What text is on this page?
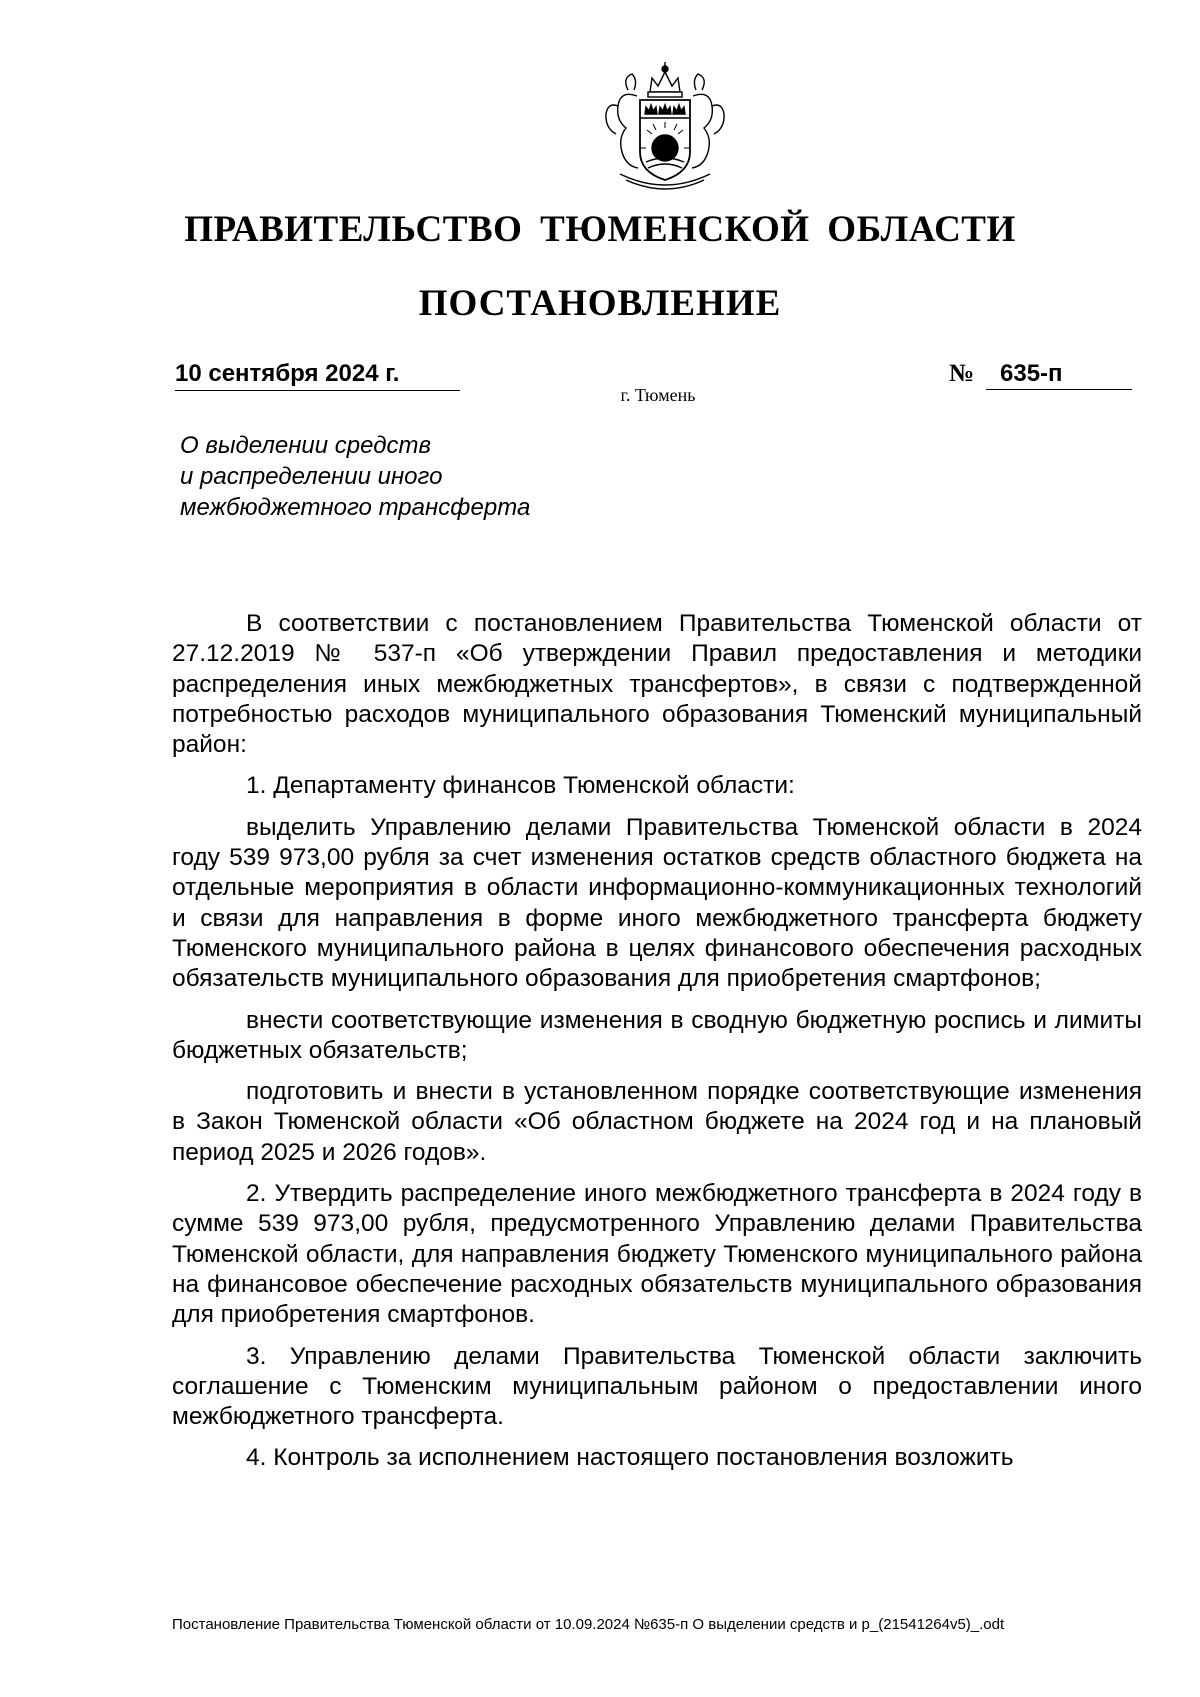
ПРАВИТЕЛЬСТВО ТЮМЕНСКОЙ ОБЛАСТИ
ПОСТАНОВЛЕНИЕ
10 сентября 2024 г.	№	635-п
г. Тюмень
О выделении средств
и распределении иного
межбюджетного трансферта

В соответствии с постановлением Правительства Тюменской области от 27.12.2019 № 537-п «Об утверждении Правил предоставления и методики распределения иных межбюджетных трансфертов», в связи с подтвержденной потребностью расходов муниципального образования Тюменский муниципальный район:

1. Департаменту финансов Тюменской области:

выделить Управлению делами Правительства Тюменской области в 2024 году 539 973,00 рубля за счет изменения остатков средств областного бюджета на отдельные мероприятия в области информационно-коммуникационных технологий и связи для направления в форме иного межбюджетного трансферта бюджету Тюменского муниципального района в целях финансового обеспечения расходных обязательств муниципального образования для приобретения смартфонов;

внести соответствующие изменения в сводную бюджетную роспись и лимиты бюджетных обязательств;

подготовить и внести в установленном порядке соответствующие изменения в Закон Тюменской области «Об областном бюджете на 2024 год и на плановый период 2025 и 2026 годов».

2. Утвердить распределение иного межбюджетного трансферта в 2024 году в сумме 539 973,00 рубля, предусмотренного Управлению делами Правительства Тюменской области, для направления бюджету Тюменского муниципального района на финансовое обеспечение расходных обязательств муниципального образования для приобретения смартфонов.

3. Управлению делами Правительства Тюменской области заключить соглашение с Тюменским муниципальным районом о предоставлении иного межбюджетного трансферта.

4. Контроль за исполнением настоящего постановления возложить

Постановление Правительства Тюменской области от 10.09.2024 №635-п О выделении средств и р_(21541264v5)_.odt
